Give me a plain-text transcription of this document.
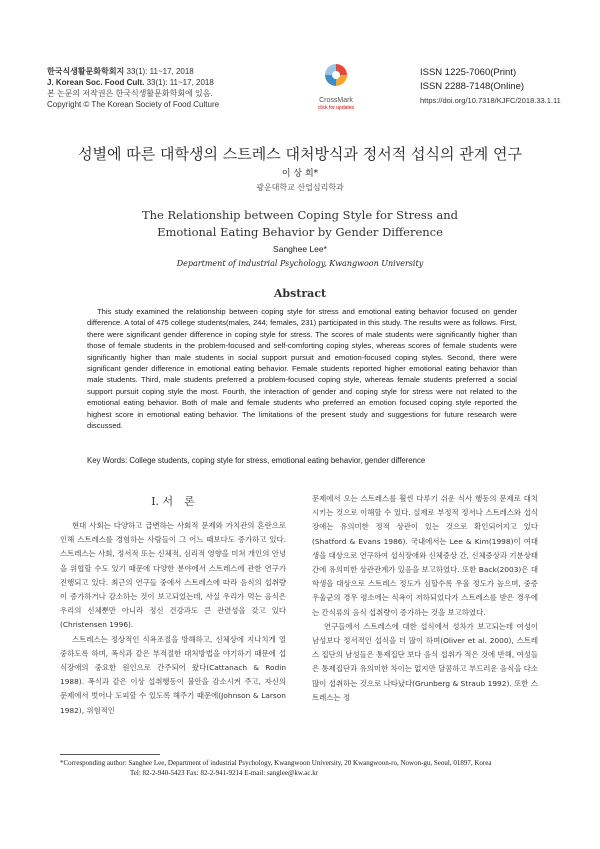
한국식생활문화학회지 33(1): 11~17, 2018
J. Korean Soc. Food Cult. 33(1): 11~17, 2018
본 논문의 저작권은 한국식생활문화학회에 있음.
Copyright © The Korean Society of Food Culture	CrossMark
click for updates
ISSN 1225-7060(Print)
ISSN 2288-7148(Online)
https://doi.org/10.7318/KJFC/2018.33.1.11
성별에 따른 대학생의 스트레스 대처방식과 정서적 섭식의 관계 연구
이 상 희*
광운대학교 산업심리학과
The Relationship between Coping Style for Stress and
Emotional Eating Behavior by Gender Difference
Sanghee Lee*
Department of industrial Psychology, Kwangwoon University
Abstract
This study examined the relationship between coping style for stress and emotional eating behavior focused on gender difference. A total of 475 college students(males, 244; females, 231) participated in this study. The results were as follows. First, there were significant gender difference in coping style for stress. The scores of male students were significantly higher than those of female students in the problem-focused and self-comforting coping styles, whereas scores of female students were significantly higher than male students in social support pursuit and emotion-focused coping styles. Second, there were significant gender difference in emotional eating behavior. Female students reported higher emotional eating behavior than male students. Third, male students preferred a problem-focused coping style, whereas female students preferred a social support pursuit coping style the most. Fourth, the interaction of gender and coping style for stress were not related to the emotional eating behavior. Both of male and female students who preferred an emotion focused coping style reported the highest score in emotional eating behavior. The limitations of the present study and suggestions for future research were discussed.
Key Words: College students, coping style for stress, emotional eating behavior, gender difference
Ⅰ. 서　론

현대 사회는 다양하고 급변하는 사회적 문제와 가치관의 혼란으로 인해 스트레스를 경험하는 사람들이 그 어느 때보다도 증가하고 있다. 스트레스는 사회, 정서적 또는 신체적, 심리적 영향을 미쳐 개인의 안녕을 위협할 수도 있기 때문에 다양한 분야에서 스트레스에 관한 연구가 진행되고 있다. 최근의 연구들 중에서 스트레스에 따라 음식의 섭취량이 증가하거나 감소하는 것이 보고되었는데, 사실 우리가 먹는 음식은 우리의 신체뿐만 아니라 정신 건강과도 큰 관련성을 갖고 있다(Christensen 1996).

스트레스는 정상적인 식욕조절을 방해하고, 신체상에 지나치게 열중하도록 하며, 폭식과 같은 부적절한 대처방법을 야기하기 때문에 섭식장애의 중요한 원인으로 간주되어 왔다(Cattanach & Rodin 1988). 폭식과 같은 이상 섭취행동이 불안을 감소시켜 주고, 자신의 문제에서 벗어나 도피할 수 있도록 해주기 때문에(Johnson & Larson 1982), 위험적인

문제에서 오는 스트레스를 훨씬 다루기 쉬운 식사 행동의 문제로 대치시키는 것으로 이해할 수 있다. 실제로 부정적 정서나 스트레스와 섭식장애는 유의미한 정적 상관이 있는 것으로 확인되어지고 있다(Shatford & Evans 1986). 국내에서는 Lee & Kim(1998)이 여대생을 대상으로 연구하여 섭식장애와 신체증상 간, 신체증상과 기분상태 간에 유의미한 상관관계가 있음을 보고하였다. 또한 Back(2003)은 대학생을 대상으로 스트레스 정도가 심할수록 우울 정도가 높으며, 중증우울군의 경우 평소에는 식욕이 저하되었다가 스트레스를 받은 경우에는 간식류의 음식 섭취량이 증가하는 것을 보고하였다.

연구들에서 스트레스에 대한 섭식에서 성차가 보고되는데 여성이 남성보다 정서적인 섭식을 더 많이 하며(Oliver et al. 2000), 스트레스 집단의 남성들은 통제집단 보다 음식 섭취가 적은 것에 반해, 여성들은 통제집단과 유의미한 차이는 없지만 달콤하고 부드러운 음식을 다소 많이 섭취하는 것으로 나타났다(Grunberg & Straub 1992). 또한 스트레스는 정

*Corresponding author: Sanghee Lee, Department of industrial Psychology, Kwangwoon University, 20 Kwangwoon-ro, Nowon-gu, Seoul, 01897, Korea
Tel: 82-2-940-5423 Fax: 82-2-941-9214 E-mail: sanglee@kw.ac.kr
